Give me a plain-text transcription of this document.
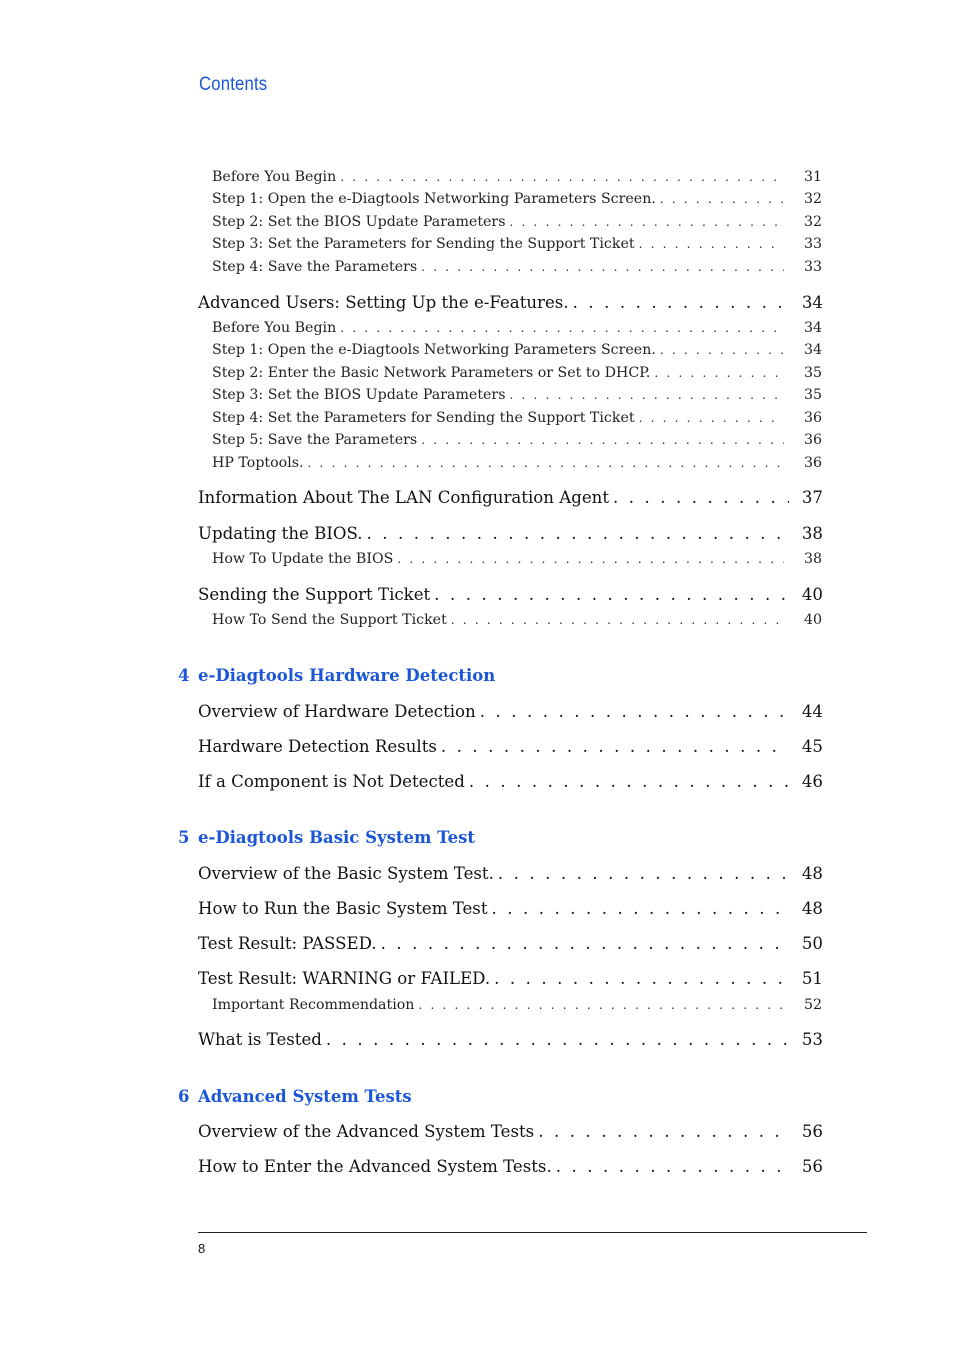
Contents
Before You Begin . . .	31
Step 1: Open the e-Diagtools Networking Parameters Screen. . . .	32
Step 2: Set the BIOS Update Parameters . . .	32
Step 3: Set the Parameters for Sending the Support Ticket . . .	33
Step 4: Save the Parameters . . .	33
Advanced Users: Setting Up the e-Features. . . .	34
Before You Begin . . .	34
Step 1: Open the e-Diagtools Networking Parameters Screen. . . .	34
Step 2: Enter the Basic Network Parameters or Set to DHCP. . . .	35
Step 3: Set the BIOS Update Parameters . . .	35
Step 4: Set the Parameters for Sending the Support Ticket . . .	36
Step 5: Save the Parameters . . .	36
HP Toptools. . . .	36
Information About The LAN Configuration Agent . . .	37
Updating the BIOS. . . .	38
How To Update the BIOS . . .	38
Sending the Support Ticket . . .	40
How To Send the Support Ticket . . .	40
4 e-Diagtools Hardware Detection
Overview of Hardware Detection . . .	44
Hardware Detection Results . . .	45
If a Component is Not Detected . . .	46
5 e-Diagtools Basic System Test
Overview of the Basic System Test. . . .	48
How to Run the Basic System Test . . .	48
Test Result: PASSED. . . .	50
Test Result: WARNING or FAILED. . . .	51
Important Recommendation . . .	52
What is Tested . . .	53
6 Advanced System Tests
Overview of the Advanced System Tests . . .	56
How to Enter the Advanced System Tests. . . .	56
8
